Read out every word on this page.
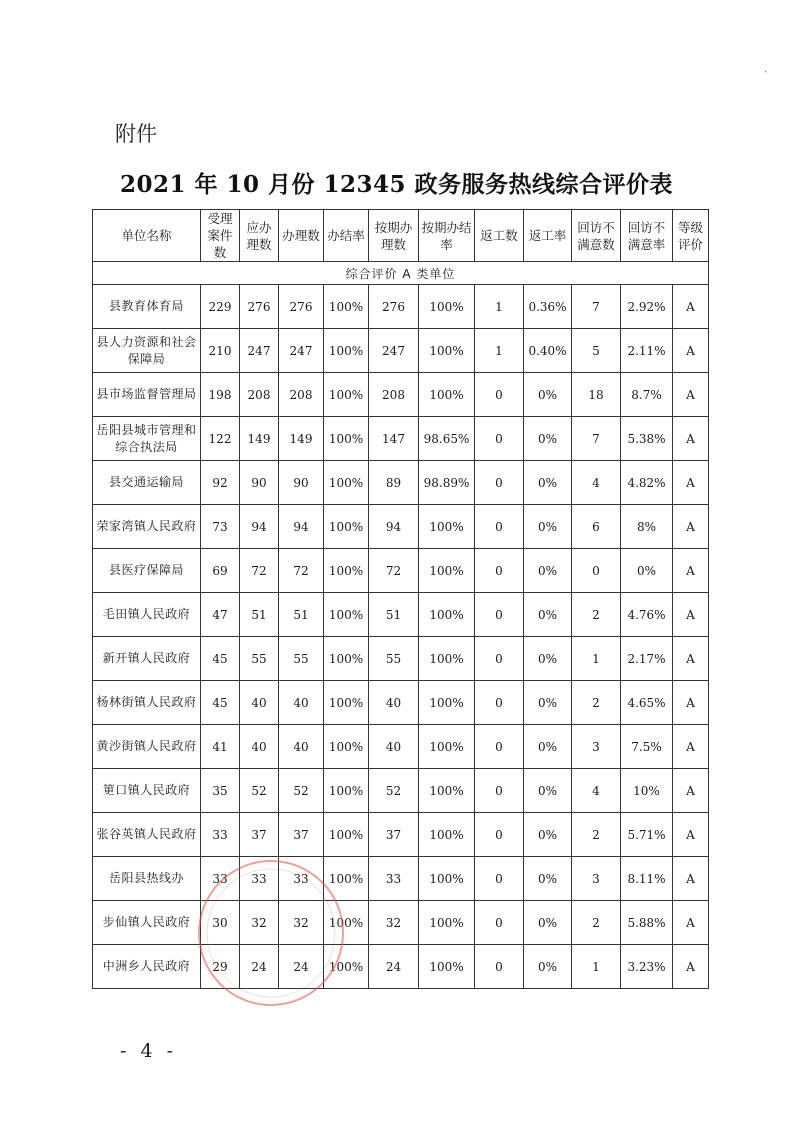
ˏ
附件
2021 年 10 月份 12345 政务服务热线综合评价表
单位名称	受理案件数	应办理数	办理数	办结率	按期办理数	按期办结率	返工数	返工率	回访不满意数	回访不满意率	等级评价
综合评价 A 类单位											
县教育体育局	229	276	276	100%	276	100%	1	0.36%	7	2.92%	A
县人力资源和社会保障局	210	247	247	100%	247	100%	1	0.40%	5	2.11%	A
县市场监督管理局	198	208	208	100%	208	100%	0	0%	18	8.7%	A
岳阳县城市管理和综合执法局	122	149	149	100%	147	98.65%	0	0%	7	5.38%	A
县交通运输局	92	90	90	100%	89	98.89%	0	0%	4	4.82%	A
荣家湾镇人民政府	73	94	94	100%	94	100%	0	0%	6	8%	A
县医疗保障局	69	72	72	100%	72	100%	0	0%	0	0%	A
毛田镇人民政府	47	51	51	100%	51	100%	0	0%	2	4.76%	A
新开镇人民政府	45	55	55	100%	55	100%	0	0%	1	2.17%	A
杨林街镇人民政府	45	40	40	100%	40	100%	0	0%	2	4.65%	A
黄沙街镇人民政府	41	40	40	100%	40	100%	0	0%	3	7.5%	A
筻口镇人民政府	35	52	52	100%	52	100%	0	0%	4	10%	A
张谷英镇人民政府	33	37	37	100%	37	100%	0	0%	2	5.71%	A
岳阳县热线办	33	33	33	100%	33	100%	0	0%	3	8.11%	A
步仙镇人民政府	30	32	32	100%	32	100%	0	0%	2	5.88%	A
中洲乡人民政府	29	24	24	100%	24	100%	0	0%	1	3.23%	A
- 4 -
